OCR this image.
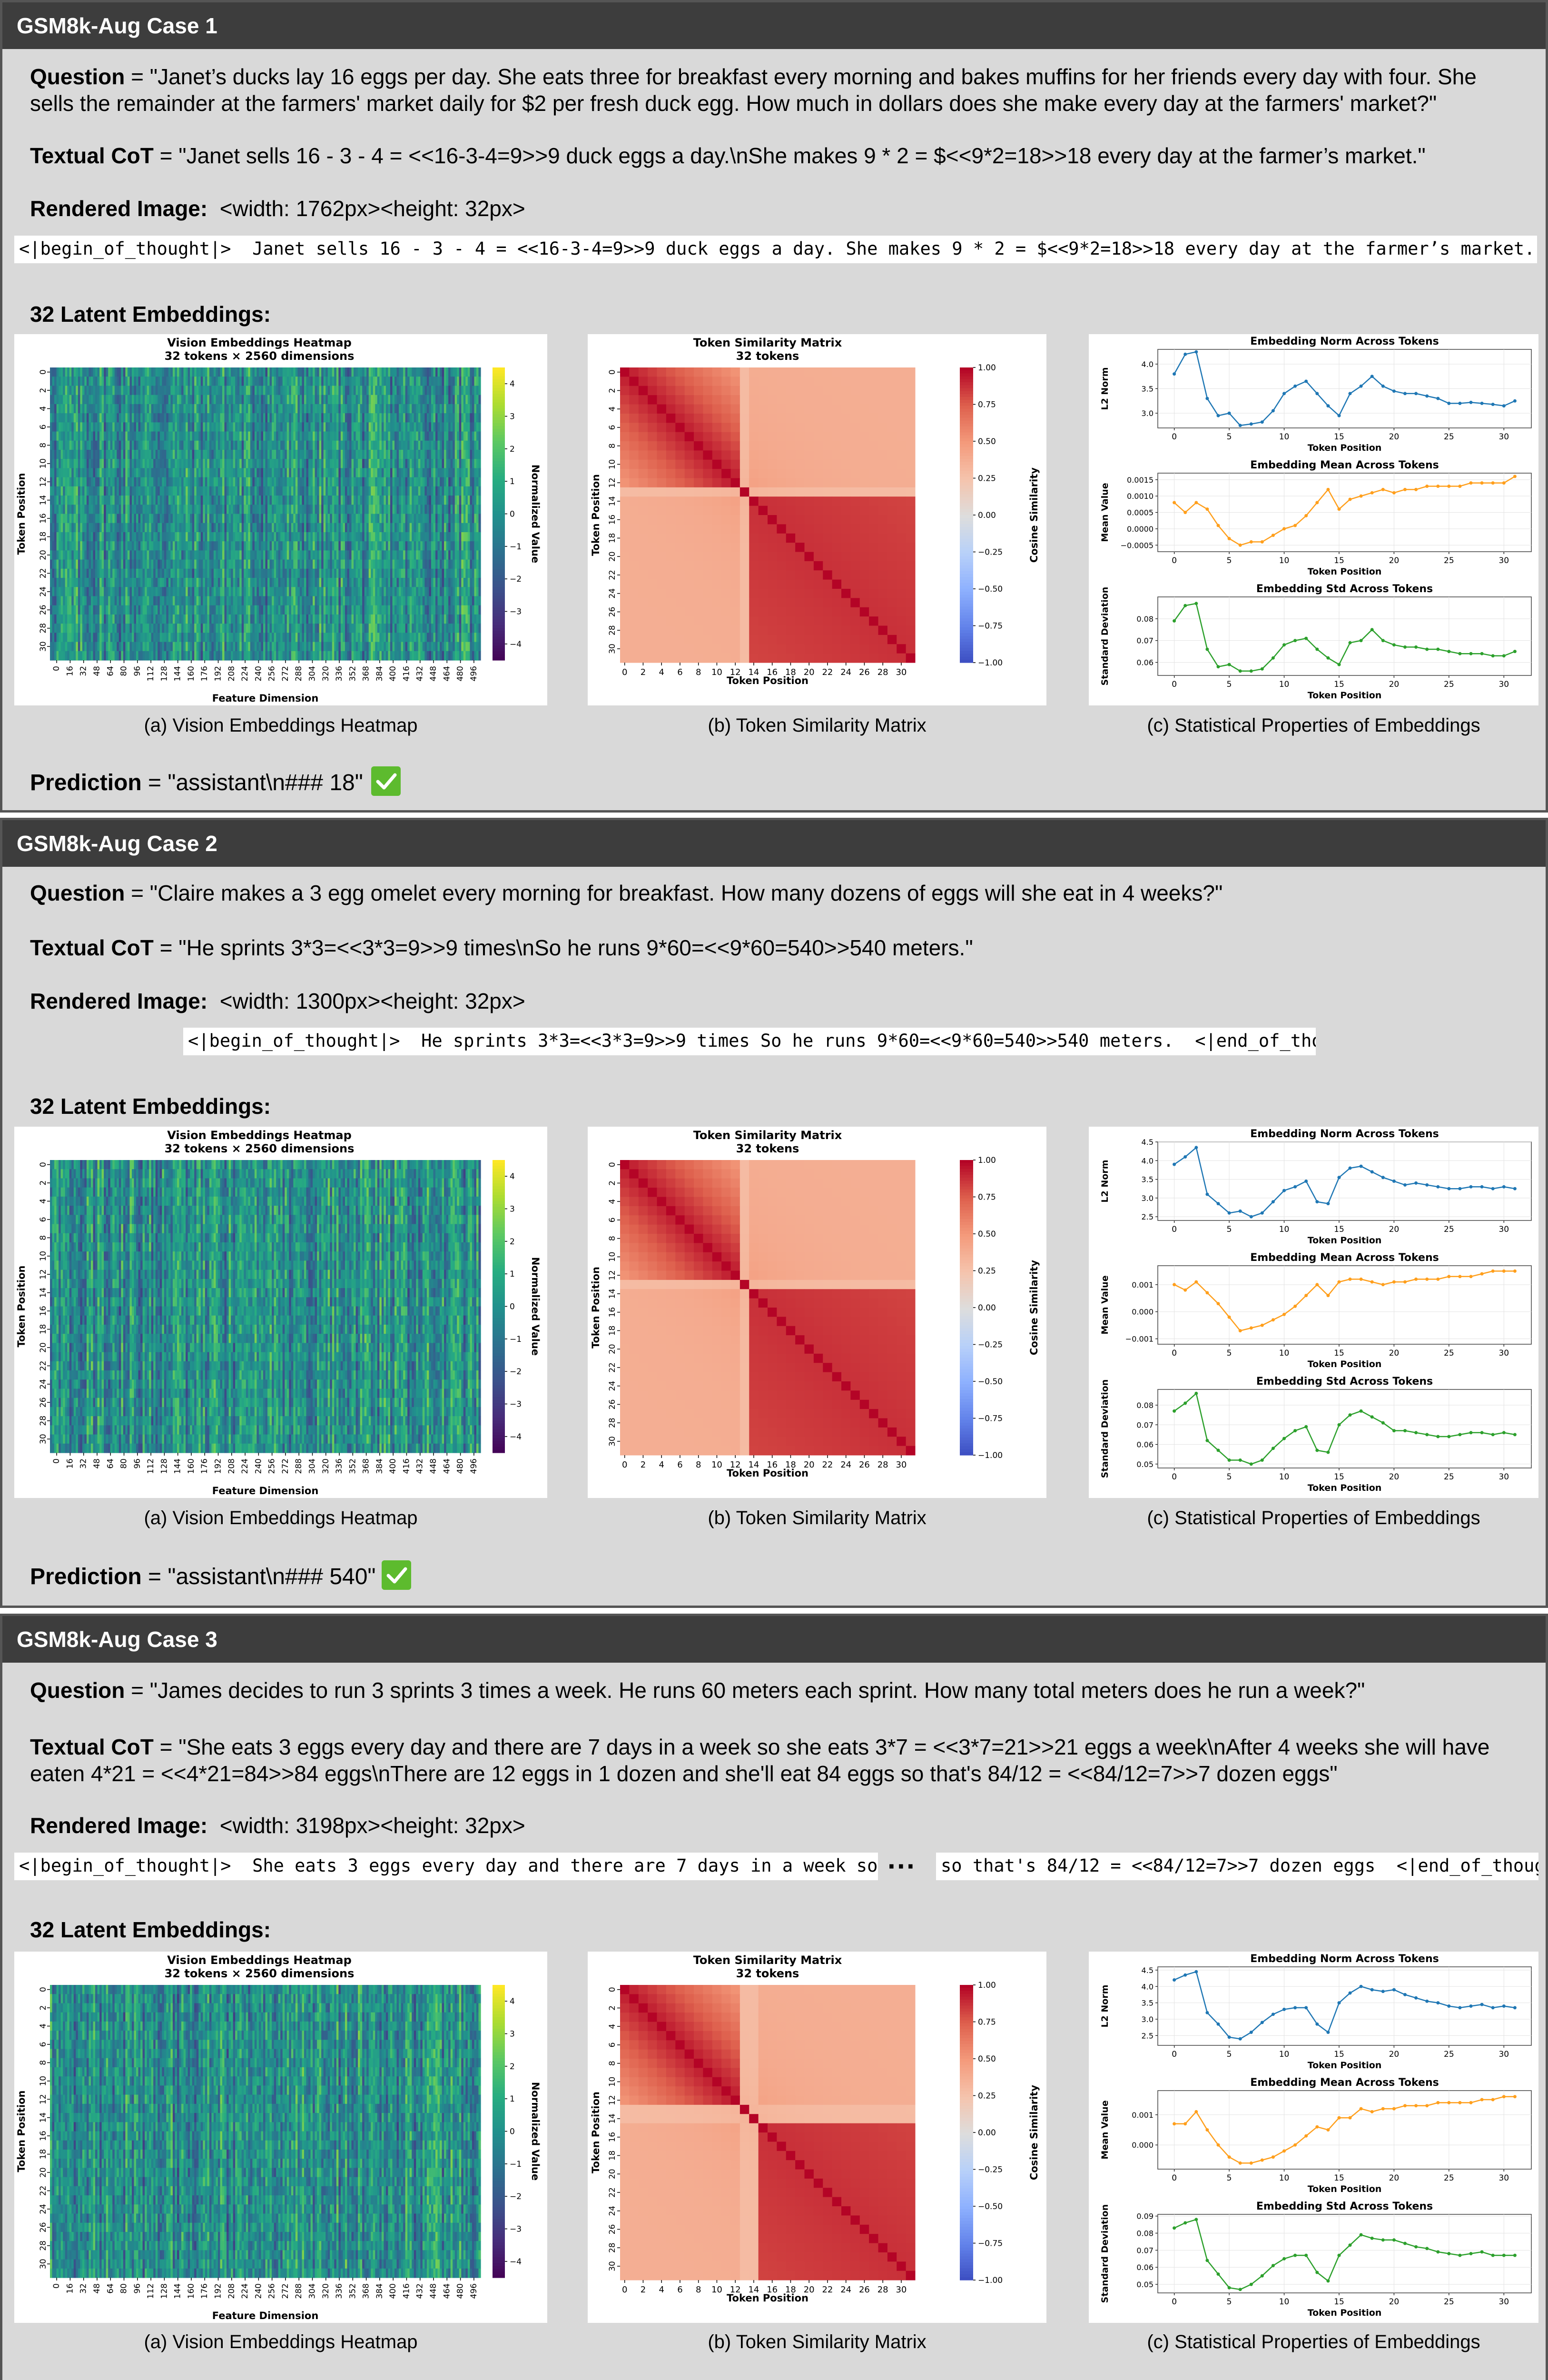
GSM8k-Aug Case 1
Question = "Janet’s ducks lay 16 eggs per day. She eats three for breakfast every morning and bakes muffins for her friends every day with four. She sells the remainder at the farmers' market daily for $2 per fresh duck egg. How much in dollars does she make every day at the farmers' market?"
Textual CoT = "Janet sells 16 - 3 - 4 = <<16-3-4=9>>9 duck eggs a day.\nShe makes 9 * 2 = $<<9*2=18>>18 every day at the farmer’s market."
Rendered Image: <width: 1762px><height: 32px>
<|begin_of_thought|>  Janet sells 16 - 3 - 4 = <<16-3-4=9>>9 duck eggs a day. She makes 9 * 2 = $<<9*2=18>>18 every day at the farmer’s market.
32 Latent Embeddings:
Vision Embeddings Heatmap
32 tokens × 2560 dimensions
0
2
4
6
8
10
12
14
16
18
20
22
24
26
28
30
Token Position
0 16 32 48 64 80 96 112 128 144 160 176 192 208 224 240 256 272 288 304 320 336 352 368 384 400 416 432 448 464 480 496
Feature Dimension
4
3
2
1
0
−1
−2
−3
−4
Normalized Value
Token Similarity Matrix
32 tokens
0
2
4
6
8
10
12
14
16
18
20
22
24
26
28
30
0 2 4 6 8 10 12 14 16 18 20 22 24 26 28 30
Token Position
Token Position
1.00
0.75
0.50
0.25
0.00
−0.25
−0.50
−0.75
−1.00
Cosine Similarity
Embedding Norm Across Tokens
0	5	10	15	20	25	30
3.0
3.5
4.0
Token Position
L2 Norm
Embedding Mean Across Tokens
0	5	10	15	20	25	30
−0.0005
0.0000
0.0005
0.0010
0.0015
Token Position
Mean Value
Embedding Std Across Tokens
0	5	10	15	20	25	30
0.06
0.07
0.08
Token Position
Standard Deviation
(a) Vision Embeddings Heatmap	(b) Token Similarity Matrix	(c) Statistical Properties of Embeddings
Prediction = "assistant\n### 18"
GSM8k-Aug Case 2
Question = "Claire makes a 3 egg omelet every morning for breakfast. How many dozens of eggs will she eat in 4 weeks?"
Textual CoT = "He sprints 3*3=<<3*3=9>>9 times\nSo he runs 9*60=<<9*60=540>>540 meters."
Rendered Image: <width: 1300px><height: 32px>
<|begin_of_thought|>  He sprints 3*3=<<3*3=9>>9 times So he runs 9*60=<<9*60=540>>540 meters.  <|end_of_thought|>
32 Latent Embeddings:
Vision Embeddings Heatmap
32 tokens × 2560 dimensions
0
2
4
6
8
10
12
14
16
18
20
22
24
26
28
30
Token Position
0 16 32 48 64 80 96 112 128 144 160 176 192 208 224 240 256 272 288 304 320 336 352 368 384 400 416 432 448 464 480 496
Feature Dimension
4
3
2
1
0
−1
−2
−3
−4
Normalized Value
Token Similarity Matrix
32 tokens
0
2
4
6
8
10
12
14
16
18
20
22
24
26
28
30
0 2 4 6 8 10 12 14 16 18 20 22 24 26 28 30
Token Position
Token Position
1.00
0.75
0.50
0.25
0.00
−0.25
−0.50
−0.75
−1.00
Cosine Similarity
Embedding Norm Across Tokens
0	5	10	15	20	25	30
2.5
3.0
3.5
4.0
4.5
Token Position
L2 Norm
Embedding Mean Across Tokens
0	5	10	15	20	25	30
−0.001
0.000
0.001
Token Position
Mean Value
Embedding Std Across Tokens
0	5	10	15	20	25	30
0.05
0.06
0.07
0.08
Token Position
Standard Deviation
(a) Vision Embeddings Heatmap	(b) Token Similarity Matrix	(c) Statistical Properties of Embeddings
Prediction = "assistant\n### 540"
GSM8k-Aug Case 3
Question = "James decides to run 3 sprints 3 times a week. He runs 60 meters each sprint. How many total meters does he run a week?"
Textual CoT = "She eats 3 eggs every day and there are 7 days in a week so she eats 3*7 = <<3*7=21>>21 eggs a week\nAfter 4 weeks she will have eaten 4*21 = <<4*21=84>>84 eggs\nThere are 12 eggs in 1 dozen and she'll eat 84 eggs so that's 84/12 = <<84/12=7>>7 dozen eggs"
Rendered Image: <width: 3198px><height: 32px>
<|begin_of_thought|>  She eats 3 eggs every day and there are 7 days in a week so ··· so that's 84/12 = <<84/12=7>>7 dozen eggs  <|end_of_thought|>
32 Latent Embeddings:
Vision Embeddings Heatmap
32 tokens × 2560 dimensions
0
2
4
6
8
10
12
14
16
18
20
22
24
26
28
30
Token Position
0 16 32 48 64 80 96 112 128 144 160 176 192 208 224 240 256 272 288 304 320 336 352 368 384 400 416 432 448 464 480 496
Feature Dimension
4
3
2
1
0
−1
−2
−3
−4
Normalized Value
Token Similarity Matrix
32 tokens
0
2
4
6
8
10
12
14
16
18
20
22
24
26
28
30
0 2 4 6 8 10 12 14 16 18 20 22 24 26 28 30
Token Position
Token Position
1.00
0.75
0.50
0.25
0.00
−0.25
−0.50
−0.75
−1.00
Cosine Similarity
Embedding Norm Across Tokens
0	5	10	15	20	25	30
2.5
3.0
3.5
4.0
4.5
Token Position
L2 Norm
Embedding Mean Across Tokens
0	5	10	15	20	25	30
0.000
0.001
Token Position
Mean Value
Embedding Std Across Tokens
0	5	10	15	20	25	30
0.05
0.06
0.07
0.08
0.09
Token Position
Standard Deviation
(a) Vision Embeddings Heatmap	(b) Token Similarity Matrix	(c) Statistical Properties of Embeddings
